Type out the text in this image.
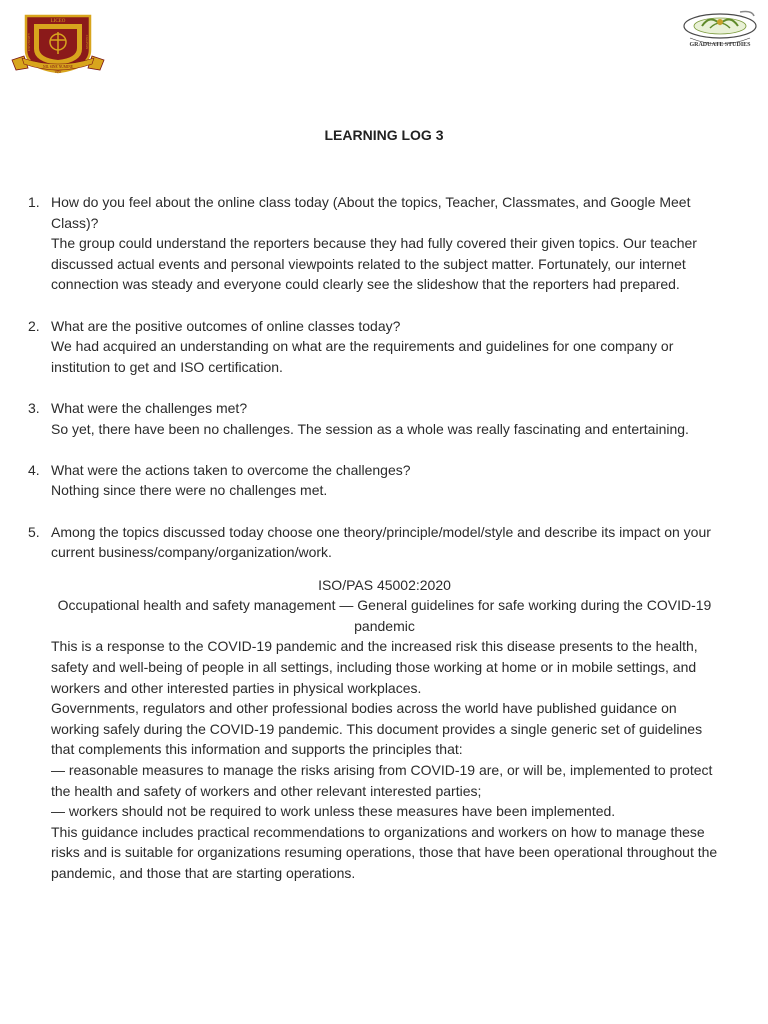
LICEO
NIL SINE NUMINE
1955
UNIVERSITY	CAGAYAN	GRADUATE STUDIES
LEARNING LOG 3
1. How do you feel about the online class today (About the topics, Teacher, Classmates, and Google Meet Class)?
The group could understand the reporters because they had fully covered their given topics. Our teacher discussed actual events and personal viewpoints related to the subject matter. Fortunately, our internet connection was steady and everyone could clearly see the slideshow that the reporters had prepared.
2. What are the positive outcomes of online classes today?
We had acquired an understanding on what are the requirements and guidelines for one company or institution to get and ISO certification.
3. What were the challenges met?
So yet, there have been no challenges. The session as a whole was really fascinating and entertaining.
4. What were the actions taken to overcome the challenges?
Nothing since there were no challenges met.
5. Among the topics discussed today choose one theory/principle/model/style and describe its impact on your current business/company/organization/work.
ISO/PAS 45002:2020
Occupational health and safety management — General guidelines for safe working during the COVID-19 pandemic
This is a response to the COVID-19 pandemic and the increased risk this disease presents to the health, safety and well-being of people in all settings, including those working at home or in mobile settings, and workers and other interested parties in physical workplaces.
Governments, regulators and other professional bodies across the world have published guidance on working safely during the COVID-19 pandemic. This document provides a single generic set of guidelines that complements this information and supports the principles that:
— reasonable measures to manage the risks arising from COVID-19 are, or will be, implemented to protect the health and safety of workers and other relevant interested parties;
— workers should not be required to work unless these measures have been implemented.
This guidance includes practical recommendations to organizations and workers on how to manage these risks and is suitable for organizations resuming operations, those that have been operational throughout the pandemic, and those that are starting operations.
